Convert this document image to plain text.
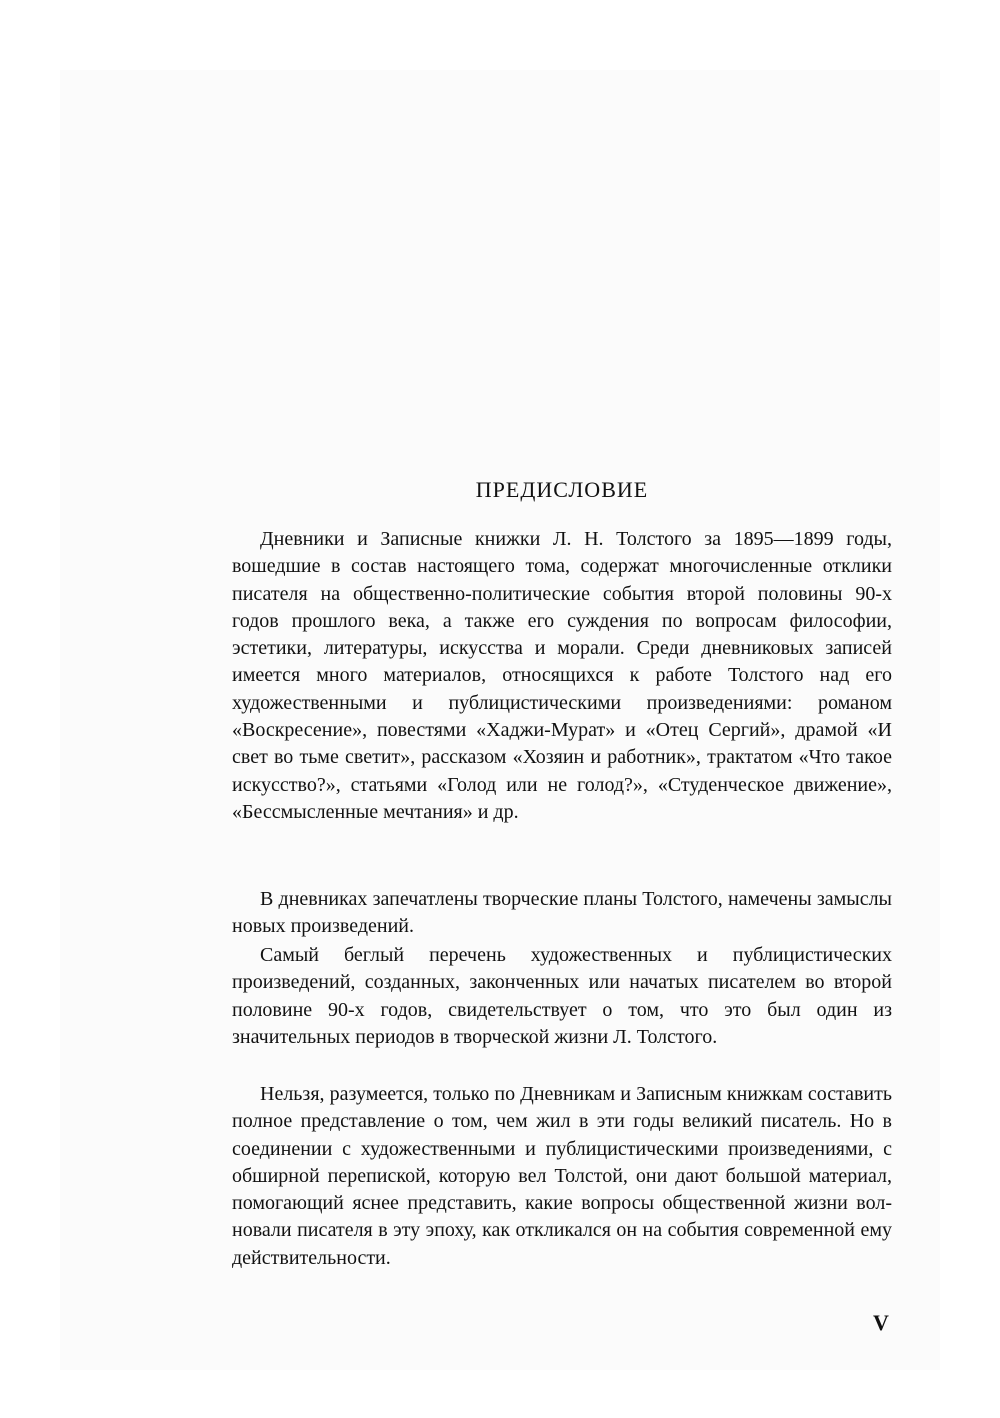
ПРЕДИСЛОВИЕ

Дневники и Записные книжки Л. Н. Толстого за 1895—1899 годы, вошедшие в состав настоящего тома, содержат многочисленные отклики писателя на общественно-политические события второй половины 90-х годов прошлого века, а также его суждения по вопросам философии, эстетики, литературы, искусства и морали. Среди дневниковых записей имеется много материалов, относящихся к работе Толстого над его художественными и публицистическими произведениями: романом «Воскресение», повестями «Хаджи-Мурат» и «Отец Сергий», драмой «И свет во тьме светит», рассказом «Хозяин и работник», трактатом «Что такое искусство?», статьями «Голод или не голод?», «Студенческое движение», «Бессмысленные мечтания» и др.

В дневниках запечатлены творческие планы Толстого, намечены замыслы новых произведений.

Самый беглый перечень художественных и публицистических произведений, созданных, законченных или начатых писателем во второй половине 90-х годов, свидетельствует о том, что это был один из значительных периодов в творческой жизни Л. Толстого.

Нельзя, разумеется, только по Дневникам и Записным книжкам составить полное представление о том, чем жил в эти годы великий писатель. Но в соединении с художественными и публицистическими произведениями, с обширной перепиской, которую вел Толстой, они дают большой материал, помогающий яснее представить, какие вопросы общественной жизни волновали писателя в эту эпоху, как откликался он на события современной ему действительности.

V
